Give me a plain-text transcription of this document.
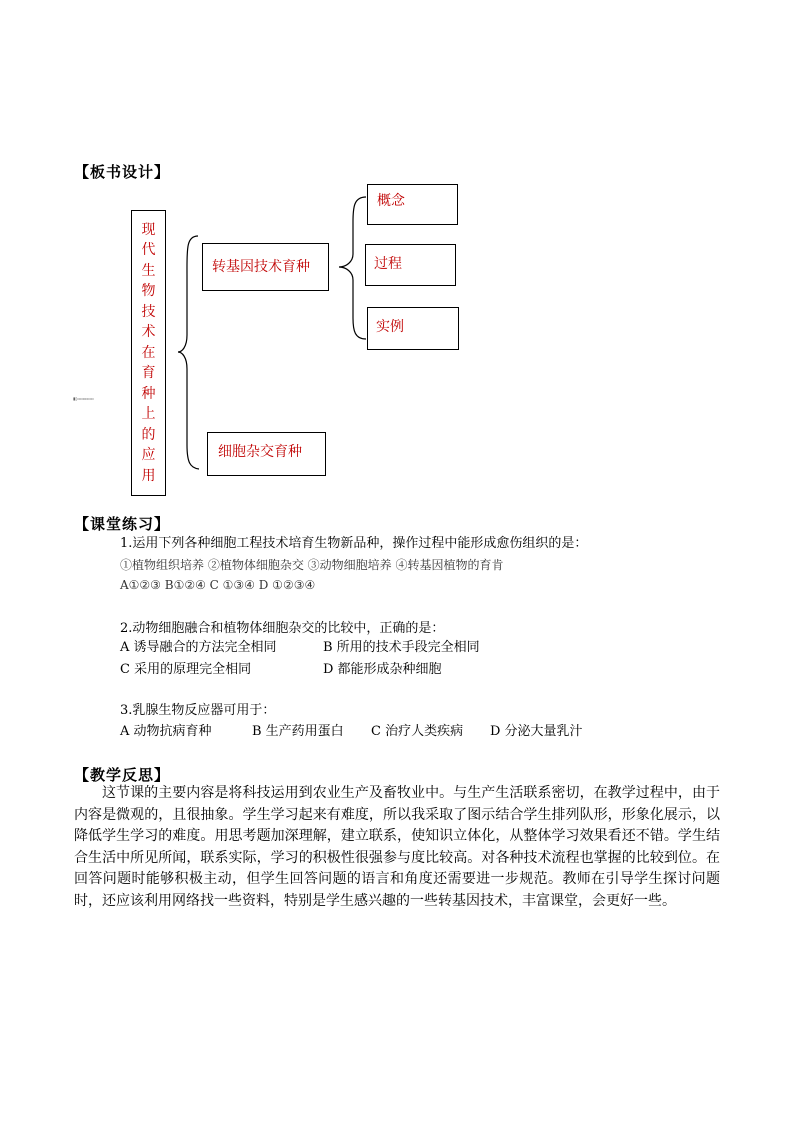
【板书设计】
现代生物技术在育种上的应用
▮▯▫▫▫▫▫▫
转基因技术育种
细胞杂交育种
概念
过程
实例
【课堂练习】
1.运用下列各种细胞工程技术培育生物新品种，操作过程中能形成愈伤组织的是：
①植物组织培养 ②植物体细胞杂交 ③动物细胞培养 ④转基因植物的育肯
A①②③ B①②④ C ①③④ D ①②③④
2.动物细胞融合和植物体细胞杂交的比较中，正确的是：
A 诱导融合的方法完全相同	B 所用的技术手段完全相同
C 采用的原理完全相同	D 都能形成杂种细胞
3.乳腺生物反应器可用于：
A 动物抗病育种	B 生产药用蛋白 C 治疗人类疾病 D 分泌大量乳汁
【教学反思】
这节课的主要内容是将科技运用到农业生产及畜牧业中。与生产生活联系密切，在教学过程中，由于内容是微观的，且很抽象。学生学习起来有难度，所以我采取了图示结合学生排列队形，形象化展示，以降低学生学习的难度。用思考题加深理解，建立联系，使知识立体化，从整体学习效果看还不错。学生结合生活中所见所闻，联系实际，学习的积极性很强参与度比较高。对各种技术流程也掌握的比较到位。在回答问题时能够积极主动，但学生回答问题的语言和角度还需要进一步规范。教师在引导学生探讨问题时，还应该利用网络找一些资料，特别是学生感兴趣的一些转基因技术，丰富课堂，会更好一些。
